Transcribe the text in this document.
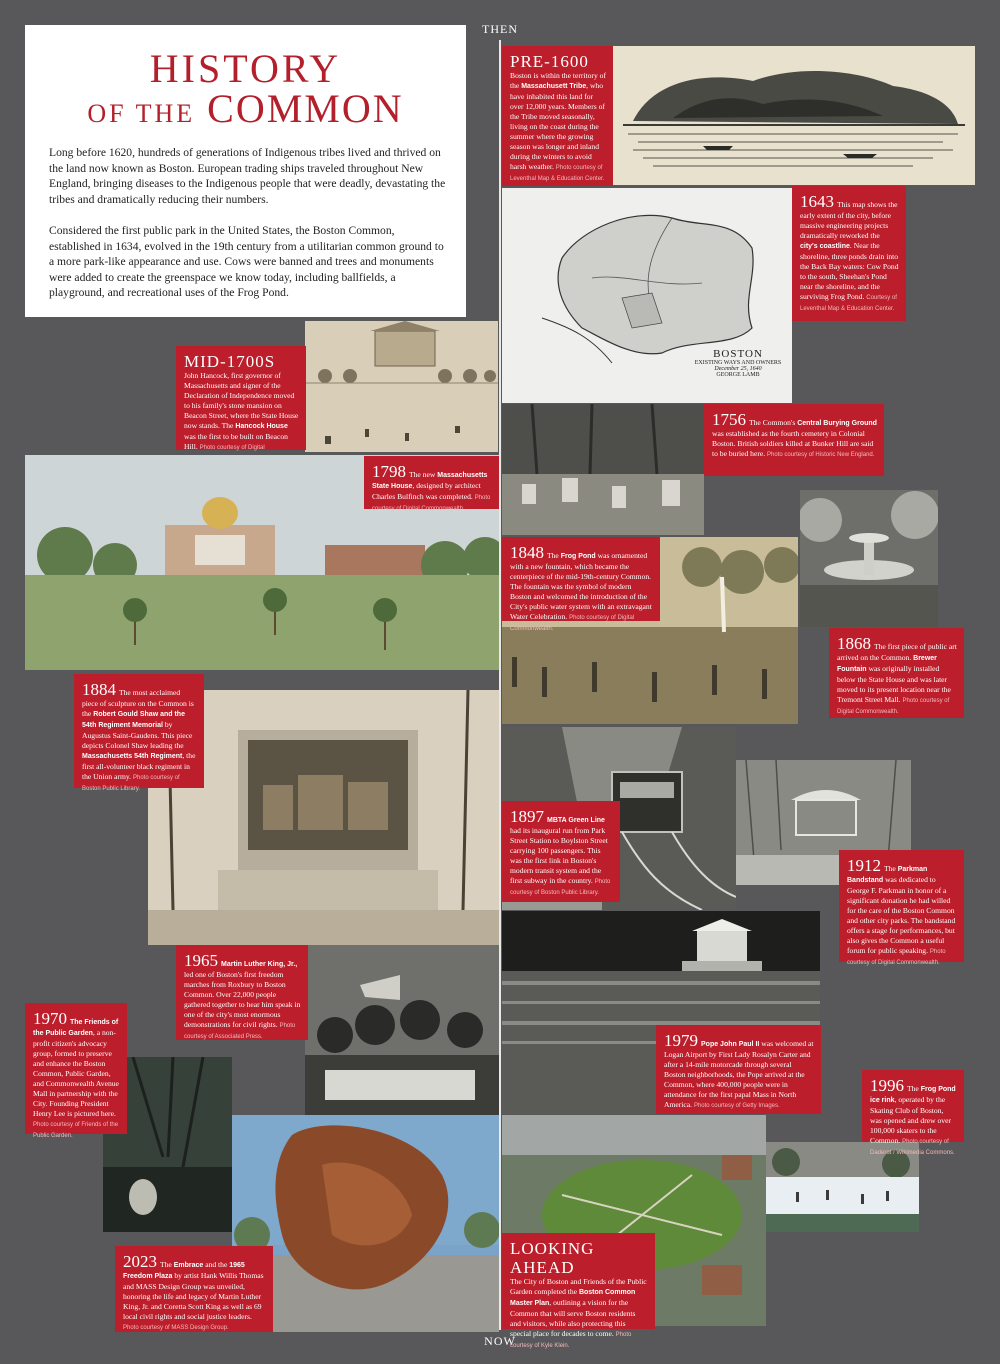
THEN
NOW
HISTORY
OF THE COMMON

Long before 1620, hundreds of generations of Indigenous tribes lived and thrived on the land now known as Boston. European trading ships traveled throughout New England, bringing diseases to the Indigenous people that were deadly, devastating the tribes and dramatically reducing their numbers.

Considered the first public park in the United States, the Boston Common, established in 1634, evolved in the 19th century from a utilitarian common ground to a more park-like appearance and use. Cows were banned and trees and monuments were added to create the greenspace we know today, including ballfields, a playground, and recreational uses of the Frog Pond.

PRE-1600
Boston is within the territory of the Massachusett Tribe, who have inhabited this land for over 12,000 years. Members of the Tribe moved seasonally, living on the coast during the summer where the growing season was longer and inland during the winters to avoid harsh weather. Photo courtesy of Leventhal Map & Education Center.
BOSTON
EXISTING WAYS AND OWNERS
December 25, 1640
GEORGE LAMB
1643 This map shows the early extent of the city, before massive engineering projects dramatically reworked the city's coastline. Near the shoreline, three ponds drain into the Back Bay waters: Cow Pond to the south, Sheehan's Pond near the shoreline, and the surviving Frog Pond. Courtesy of Leventhal Map & Education Center.
MID-1700S
John Hancock, first governor of Massachusetts and signer of the Declaration of Independence moved to his family's stone mansion on Beacon Street, where the State House now stands. The Hancock House was the first to be built on Beacon Hill. Photo courtesy of Digital
1756 The Common's Central Burying Ground was established as the fourth cemetery in Colonial Boston. British soldiers killed at Bunker Hill are said to be buried here. Photo courtesy of Historic New England.
1798 The new Massachusetts State House, designed by architect Charles Bulfinch was completed. Photo courtesy of Digital Commonwealth.
1868 The first piece of public art arrived on the Common. Brewer Fountain was originally installed below the State House and was later moved to its present location near the Tremont Street Mall. Photo courtesy of Digital Commonwealth.
1848 The Frog Pond was ornamented with a new fountain, which became the centerpiece of the mid-19th-century Common. The fountain was the symbol of modern Boston and welcomed the introduction of the City's public water system with an extravagant Water Celebration. Photo courtesy of Digital Commonwealth.
1884 The most acclaimed piece of sculpture on the Common is the Robert Gould Shaw and the 54th Regiment Memorial by Augustus Saint-Gaudens. This piece depicts Colonel Shaw leading the Massachusetts 54th Regiment, the first all-volunteer black regiment in the Union army. Photo courtesy of Boston Public Library.
1897 MBTA Green Line had its inaugural run from Park Street Station to Boylston Street carrying 100 passengers. This was the first link in Boston's modern transit system and the first subway in the country. Photo courtesy of Boston Public Library.
1912 The Parkman Bandstand was dedicated to George F. Parkman in honor of a significant donation he had willed for the care of the Boston Common and other city parks. The bandstand offers a stage for performances, but also gives the Common a useful forum for public speaking. Photo courtesy of Digital Commonwealth.
1965 Martin Luther King, Jr., led one of Boston's first freedom marches from Roxbury to Boston Common. Over 22,000 people gathered together to hear him speak in one of the city's most enormous demonstrations for civil rights. Photo courtesy of Associated Press.	1979 Pope John Paul II was welcomed at Logan Airport by First Lady Rosalyn Carter and after a 14-mile motorcade through several Boston neighborhoods, the Pope arrived at the Common, where 400,000 people were in attendance for the first papal Mass in North America. Photo courtesy of Getty Images.
1970 The Friends of the Public Garden, a non-profit citizen's advocacy group, formed to preserve and enhance the Boston Common, Public Garden, and Commonwealth Avenue Mall in partnership with the City. Founding President Henry Lee is pictured here. Photo courtesy of Friends of the Public Garden.
2023 The Embrace and the 1965 Freedom Plaza by artist Hank Willis Thomas and MASS Design Group was unveiled, honoring the life and legacy of Martin Luther King, Jr. and Coretta Scott King as well as 69 local civil rights and social justice leaders. Photo courtesy of MASS Design Group.
LOOKING AHEAD
The City of Boston and Friends of the Public Garden completed the Boston Common Master Plan, outlining a vision for the Common that will serve Boston residents and visitors, while also protecting this special place for decades to come. Photo courtesy of Kyle Klein.
1996 The Frog Pond ice rink, operated by the Skating Club of Boston, was opened and drew over 100,000 skaters to the Common. Photo courtesy of Daderot / Wikimedia Commons.
